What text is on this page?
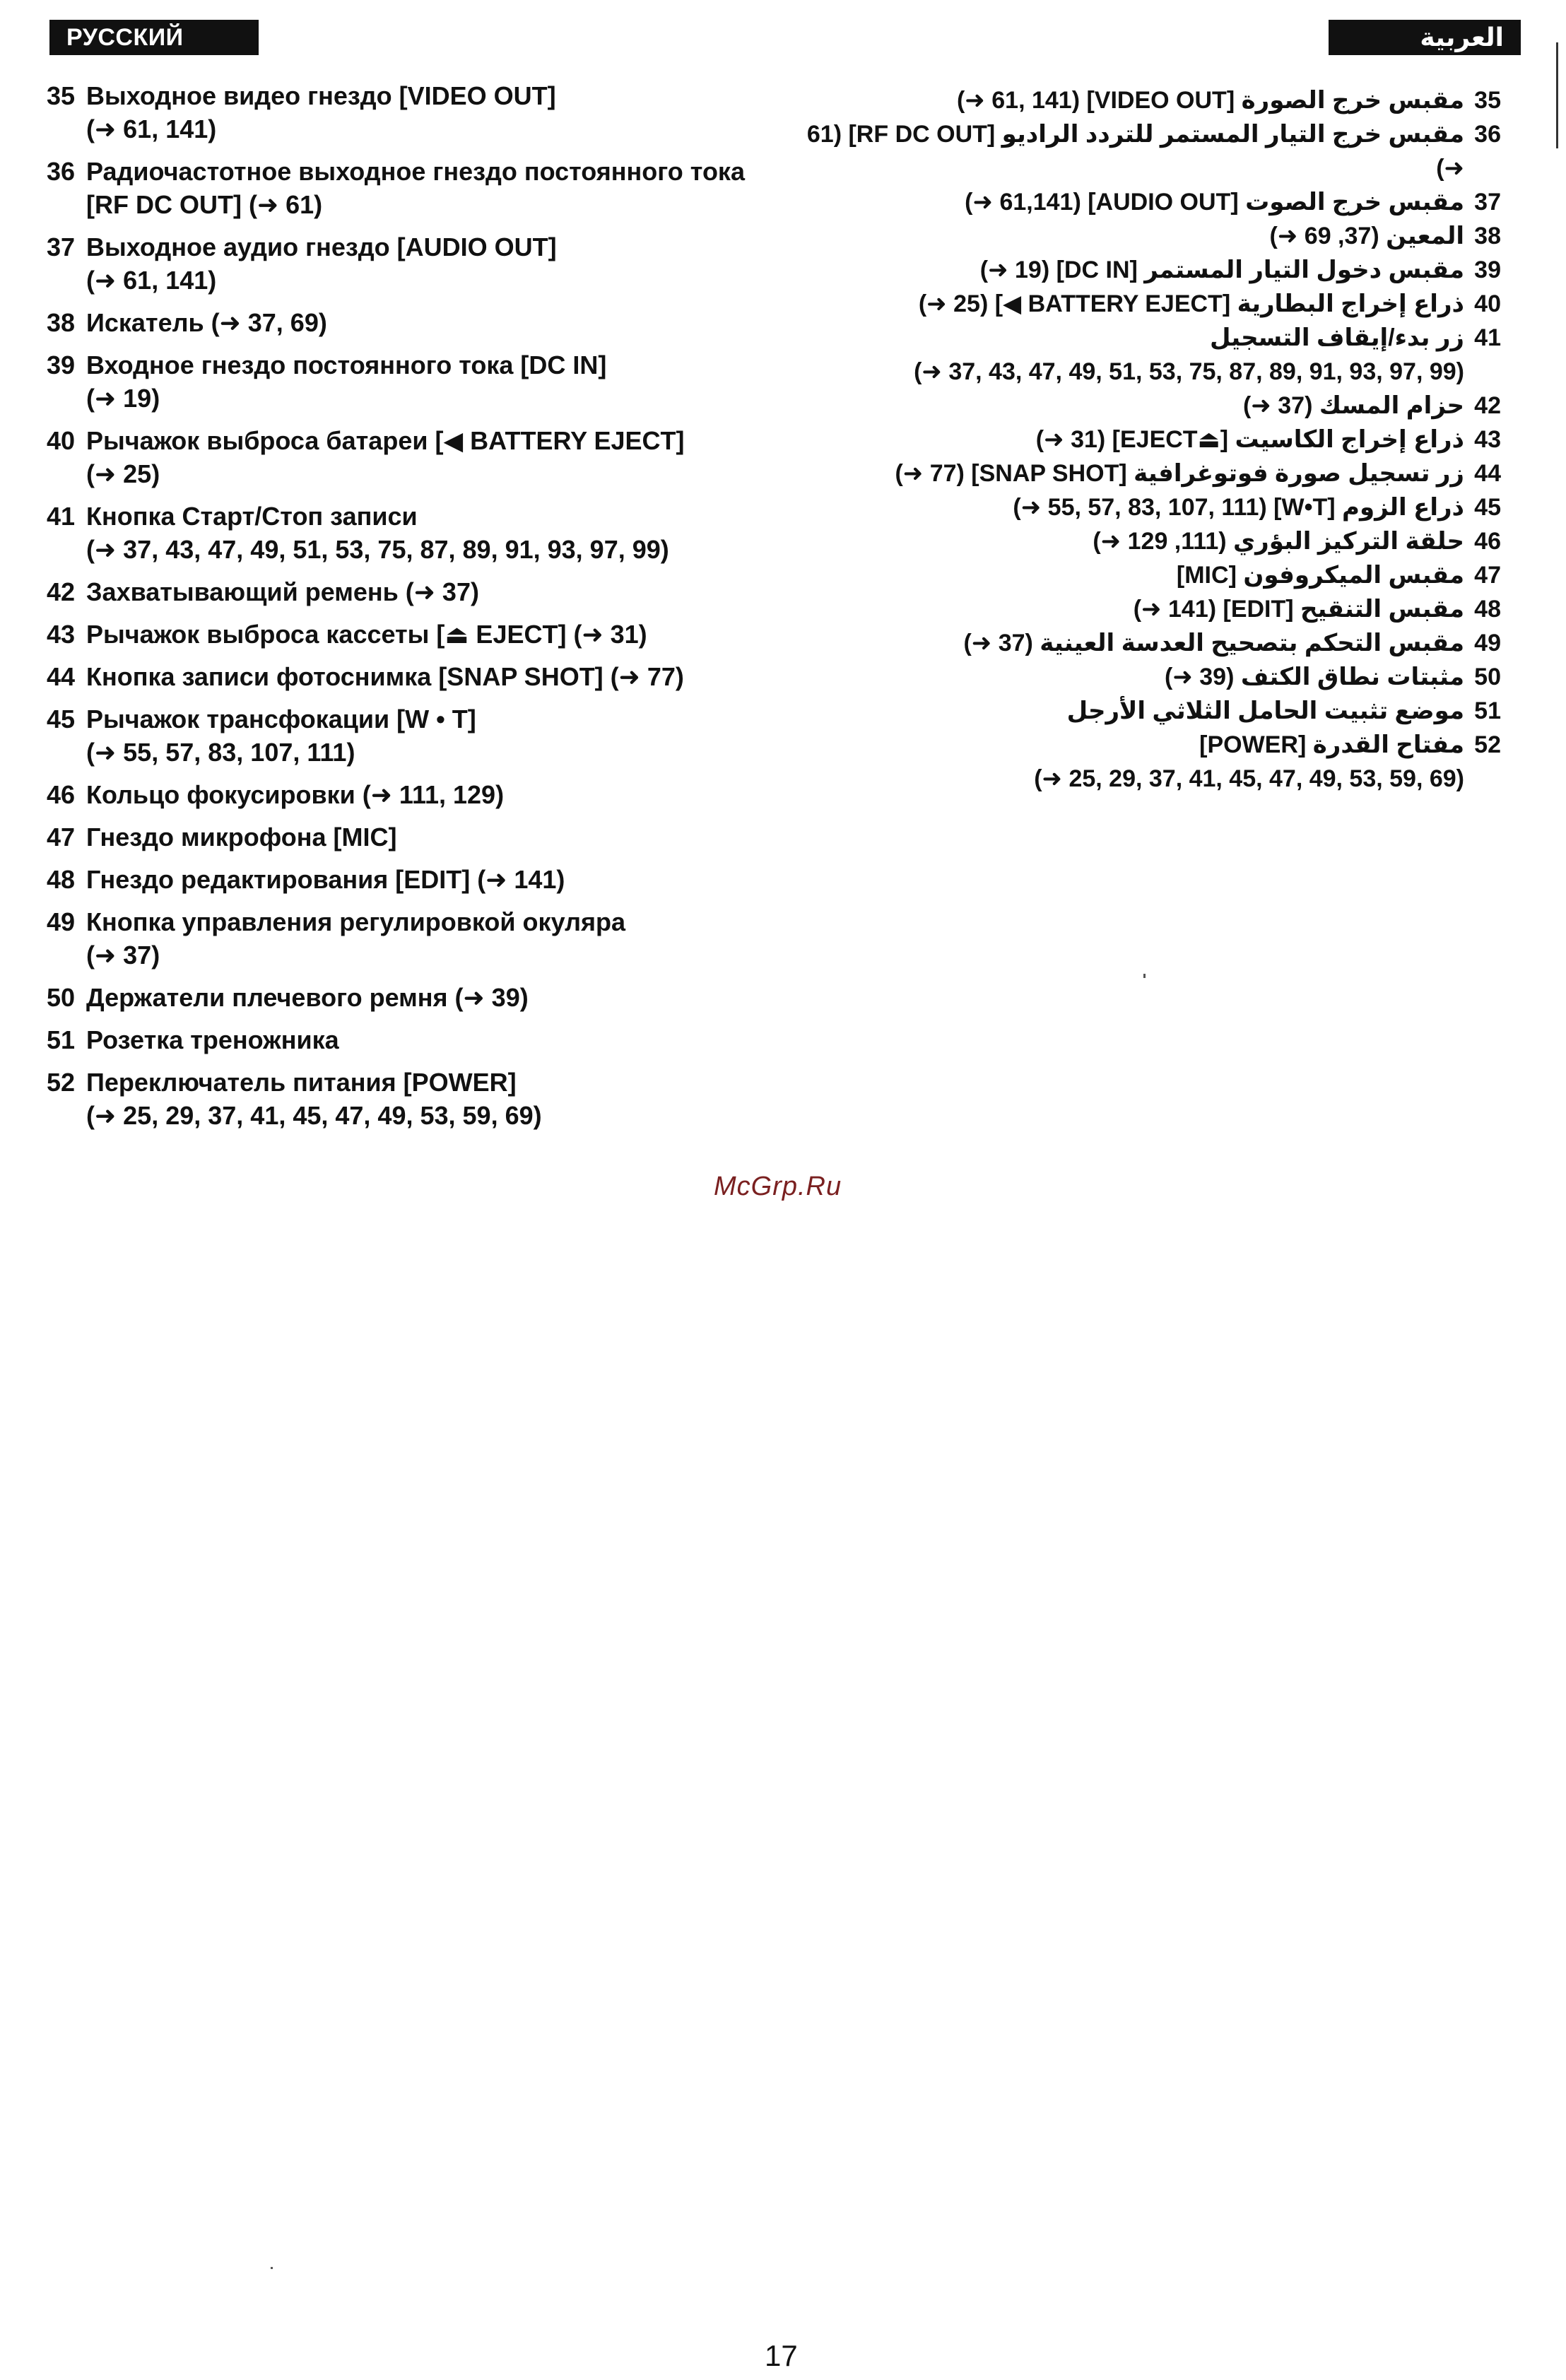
РУССКИЙ ЯЗЫК
العربية
35 Выходное видео гнездо [VIDEO OUT]
(➜ 61, 141)
36 Радиочастотное выходное гнездо постоянного тока [RF DC OUT] (➜ 61)
37 Выходное аудио гнездо [AUDIO OUT]
(➜ 61, 141)
38 Искатель (➜ 37, 69)
39 Входное гнездо постоянного тока [DC IN]
(➜ 19)
40 Рычажок выброса батареи [◀ BATTERY EJECT]
(➜ 25)
41 Кнопка Старт/Стоп записи
(➜ 37, 43, 47, 49, 51, 53, 75, 87, 89, 91, 93, 97, 99)
42 Захватывающий ремень (➜ 37)
43 Рычажок выброса кассеты [⏏ EJECT] (➜ 31)
44 Кнопка записи фотоснимка [SNAP SHOT] (➜ 77)
45 Рычажок трансфокации [W • T]
(➜ 55, 57, 83, 107, 111)
46 Кольцо фокусировки (➜ 111, 129)
47 Гнездо микрофона [MIC]
48 Гнездо редактирования [EDIT] (➜ 141)
49 Кнопка управления регулировкой окуляра
(➜ 37)
50 Держатели плечевого ремня (➜ 39)
51 Розетка треножника
52 Переключатель питания [POWER]
(➜ 25, 29, 37, 41, 45, 47, 49, 53, 59, 69)
35
مقبس خرج الصورة [VIDEO OUT] (61, 141 ➜)
36
مقبس خرج التيار المستمر للتردد الراديو [RF DC OUT] (61 ➜)
37
مقبس خرج الصوت [AUDIO OUT] (61,141 ➜)
38
المعين (37, 69 ➜)
39
مقبس دخول التيار المستمر [DC IN] (19 ➜)
40
ذراع إخراج البطارية [BATTERY EJECT ◀] (25 ➜)
41
زر بدء/إيقاف التسجيل
(➜ 37, 43, 47, 49, 51, 53, 75, 87, 89, 91, 93, 97, 99)
42
حزام المسك (37 ➜)
43
ذراع إخراج الكاسيت [⏏EJECT] (31 ➜)
44
زر تسجيل صورة فوتوغرافية [SNAP SHOT] (77 ➜)
45
ذراع الزوم [W•T] (55, 57, 83, 107, 111 ➜)
46
حلقة التركيز البؤري (111, 129 ➜)
47
مقبس الميكروفون [MIC]
48
مقبس التنقيح [EDIT] (141 ➜)
49
مقبس التحكم بتصحيح العدسة العينية (37 ➜)
50
مثبتات نطاق الكتف (39 ➜)
51
موضع تثبيت الحامل الثلاثي الأرجل
52
مفتاح القدرة [POWER]
(➜ 25, 29, 37, 41, 45, 47, 49, 53, 59, 69)
McGrp.Ru
17
